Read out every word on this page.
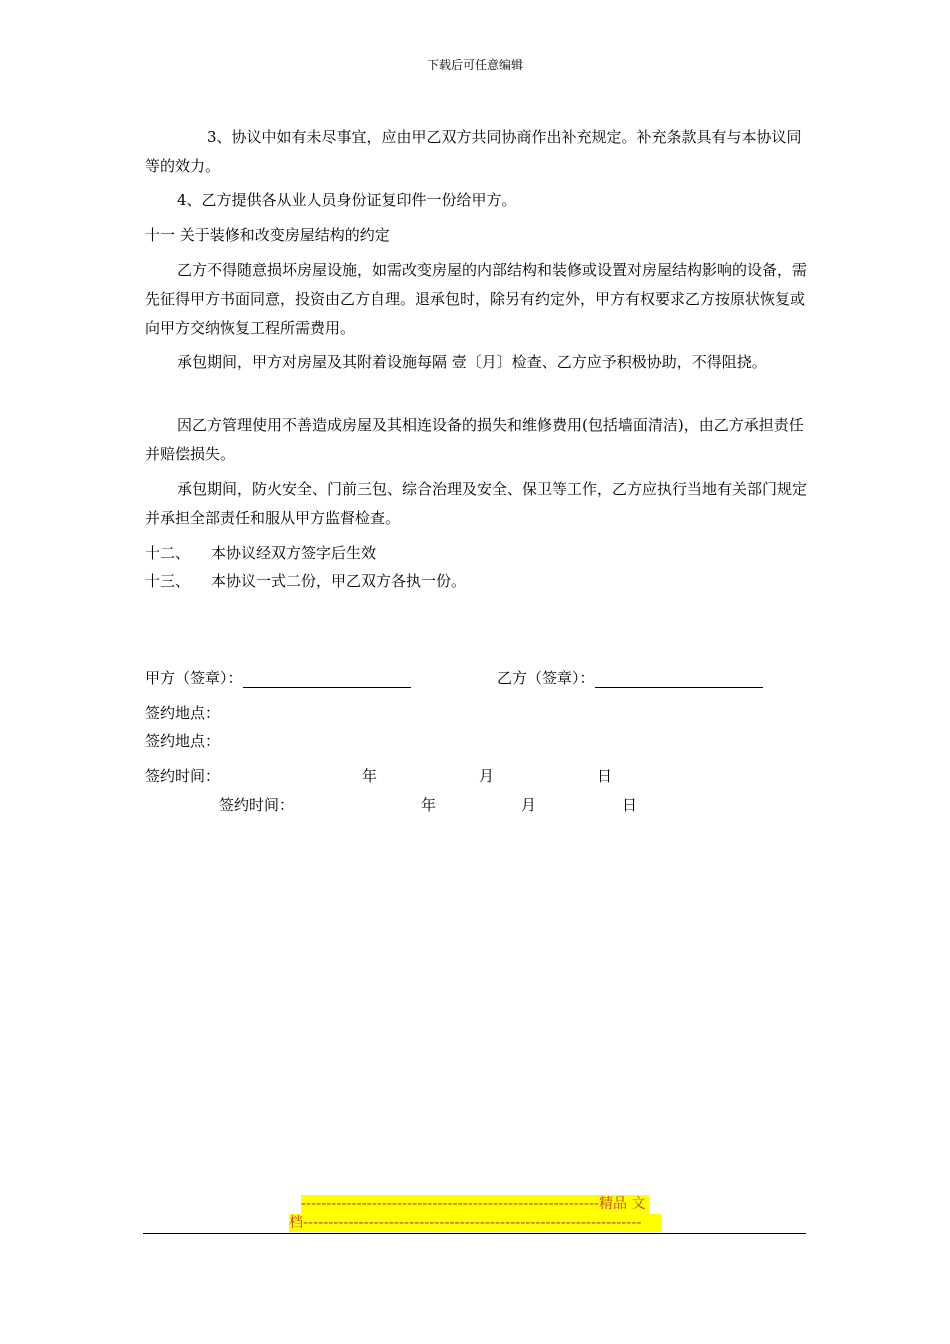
下载后可任意编辑

3、协议中如有未尽事宜，应由甲乙双方共同协商作出补充规定。补充条款具有与本协议同等的效力。

4、乙方提供各从业人员身份证复印件一份给甲方。

十一 关于装修和改变房屋结构的约定

乙方不得随意损坏房屋设施，如需改变房屋的内部结构和装修或设置对房屋结构影响的设备，需先征得甲方书面同意，投资由乙方自理。退承包时，除另有约定外，甲方有权要求乙方按原状恢复或向甲方交纳恢复工程所需费用。

承包期间，甲方对房屋及其附着设施每隔 壹〔月〕检查、乙方应予积极协助，不得阻挠。

因乙方管理使用不善造成房屋及其相连设备的损失和维修费用(包括墙面清洁)，由乙方承担责任并赔偿损失。

承包期间，防火安全、门前三包、综合治理及安全、保卫等工作，乙方应执行当地有关部门规定并承担全部责任和服从甲方监督检查。

十二、 本协议经双方签字后生效
十三、 本协议一式二份，甲乙双方各执一份。
甲方（签章）：	乙方（签章）：
签约地点：
签约地点：
签约时间：	年	月	日
签约时间：	年	月	日
-----------------------------------------------------------精品 文
档-------------------------------------------------------------------
